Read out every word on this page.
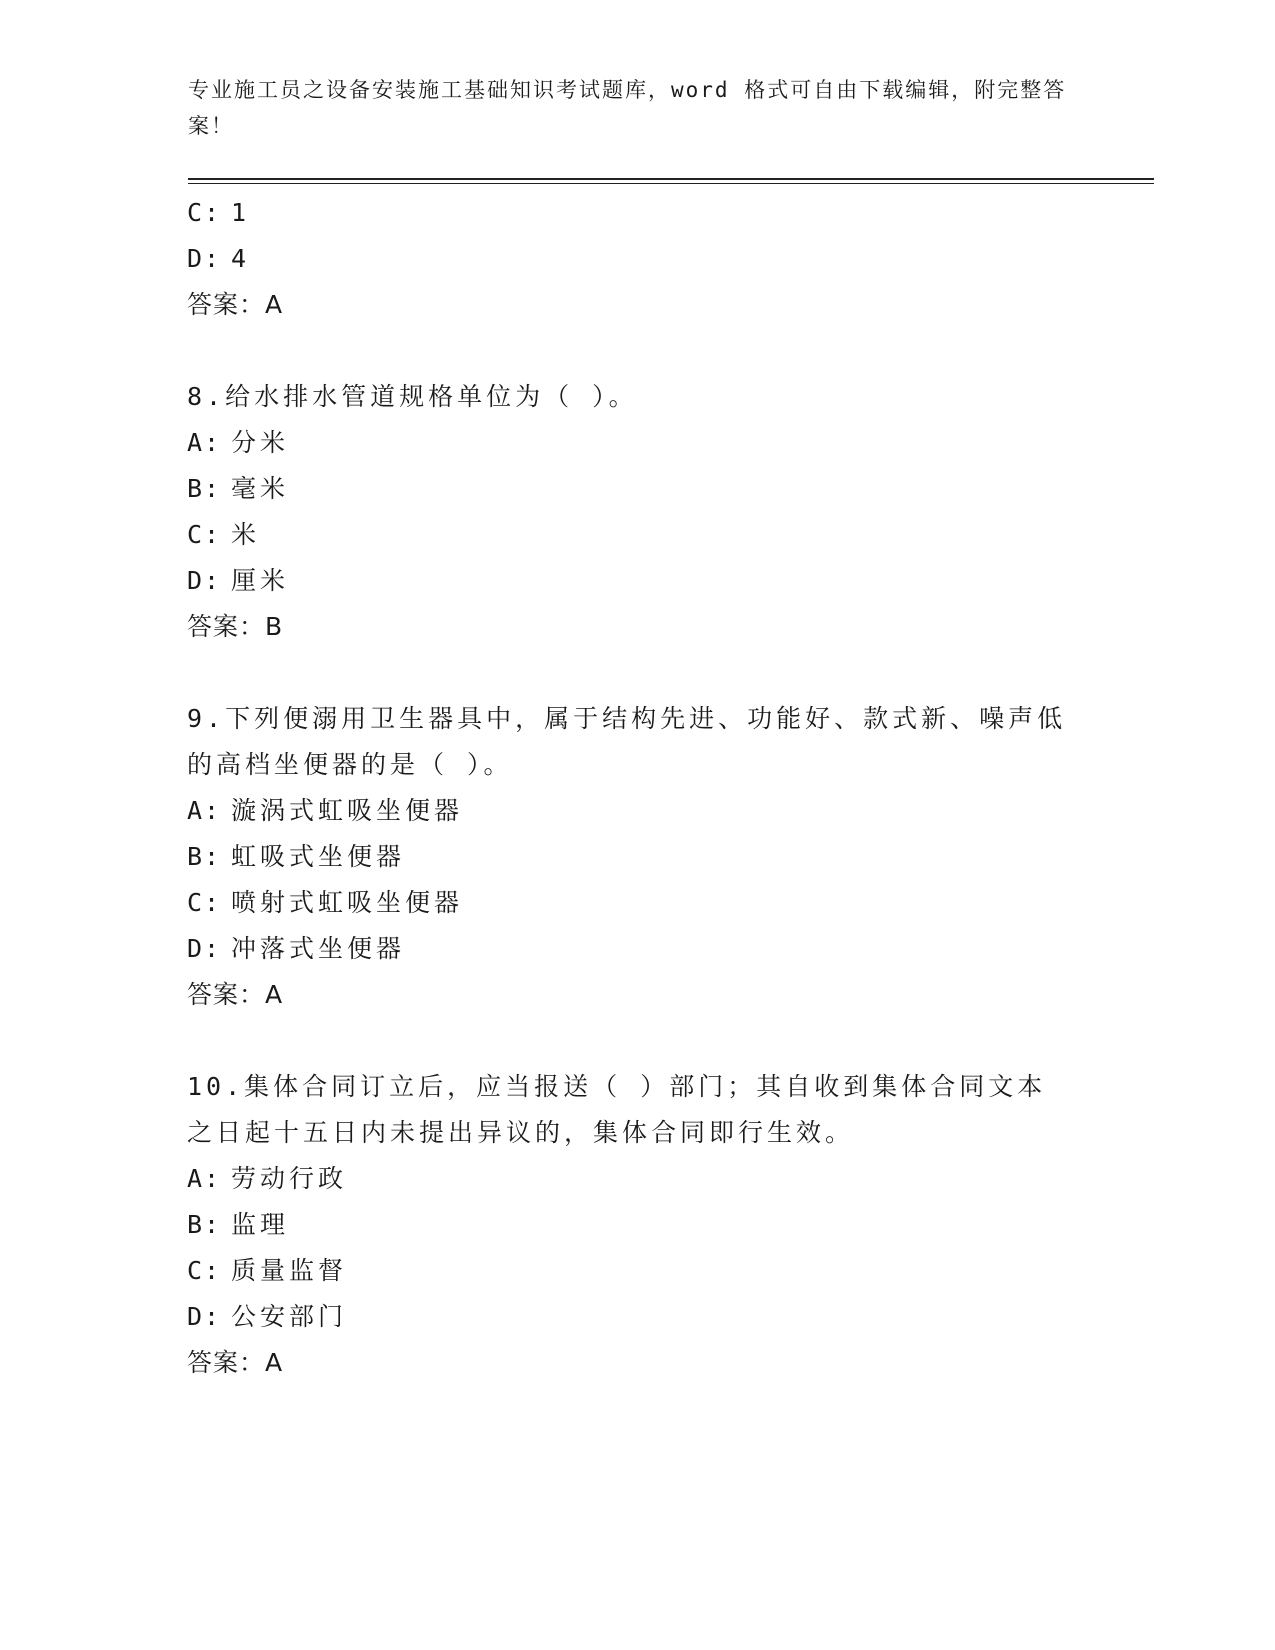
专业施工员之设备安装施工基础知识考试题库，word 格式可自由下载编辑，附完整答案！
C: 1
D: 4
答案：A
8.给水排水管道规格单位为（ ）。
A: 分米
B: 毫米
C: 米
D: 厘米
答案：B
9.下列便溺用卫生器具中，属于结构先进、功能好、款式新、噪声低的高档坐便器的是（ ）。
A: 漩涡式虹吸坐便器
B: 虹吸式坐便器
C: 喷射式虹吸坐便器
D: 冲落式坐便器
答案：A
10.集体合同订立后，应当报送（ ）部门；其自收到集体合同文本之日起十五日内未提出异议的，集体合同即行生效。
A: 劳动行政
B: 监理
C: 质量监督
D: 公安部门
答案：A
